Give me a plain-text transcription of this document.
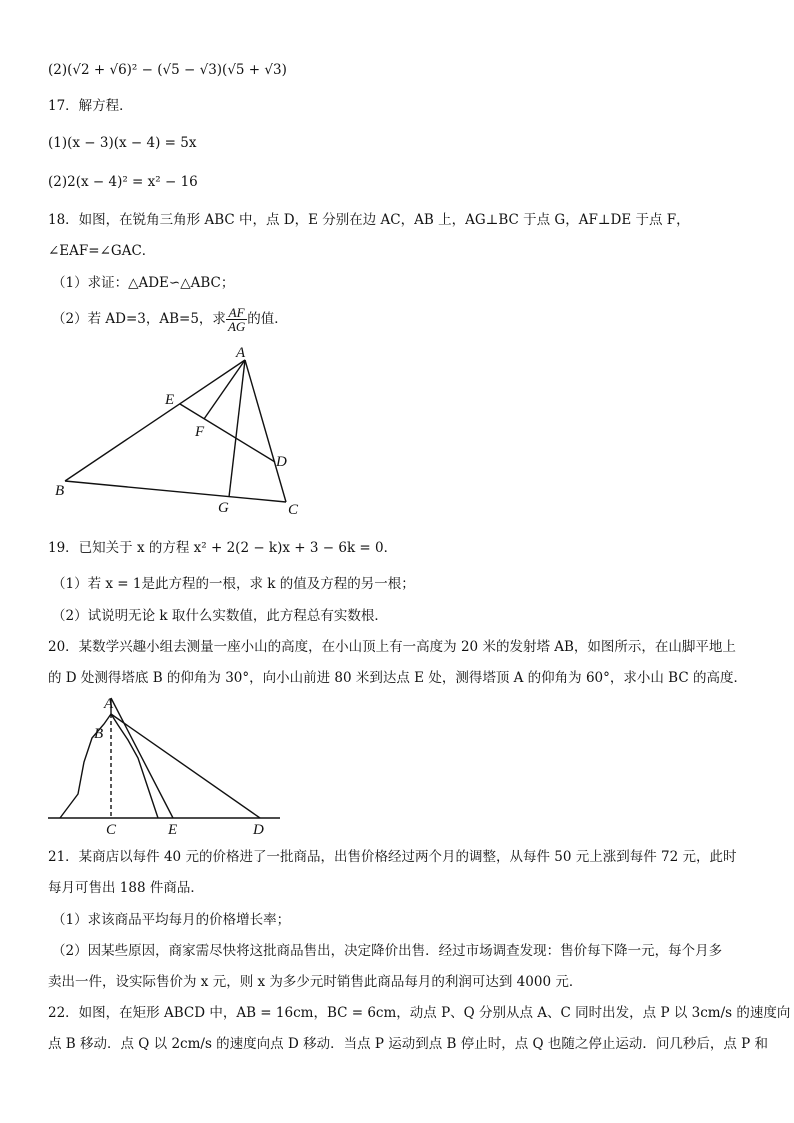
(2)(√2 + √6)² − (√5 − √3)(√5 + √3)
17．解方程．
(1)(x − 3)(x − 4) = 5x
(2)2(x − 4)² = x² − 16
18．如图，在锐角三角形 ABC 中，点 D，E 分别在边 AC，AB 上，AG⊥BC 于点 G，AF⊥DE 于点 F，
∠EAF=∠GAC．
（1）求证：△ADE∽△ABC；
（2）若 AD=3，AB=5，求 $\frac{AF}{AG}$ 的值．
A
E
F
D
B
G	C
19．已知关于 x 的方程 x² + 2(2 − k)x + 3 − 6k = 0．
（1）若 x = 1是此方程的一根，求 k 的值及方程的另一根；
（2）试说明无论 k 取什么实数值，此方程总有实数根．
20．某数学兴趣小组去测量一座小山的高度，在小山顶上有一高度为 20 米的发射塔 AB，如图所示，在山脚平地上
的 D 处测得塔底 B 的仰角为 30°，向小山前进 80 米到达点 E 处，测得塔顶 A 的仰角为 60°，求小山 BC 的高度．
A
B
C	E	D
21．某商店以每件 40 元的价格进了一批商品，出售价格经过两个月的调整，从每件 50 元上涨到每件 72 元，此时
每月可售出 188 件商品．
（1）求该商品平均每月的价格增长率；
（2）因某些原因，商家需尽快将这批商品售出，决定降价出售．经过市场调查发现：售价每下降一元，每个月多
卖出一件，设实际售价为 x 元，则 x 为多少元时销售此商品每月的利润可达到 4000 元．
22．如图，在矩形 ABCD 中，AB = 16cm，BC = 6cm，动点 P、Q 分别从点 A、C 同时出发，点 P 以 3cm/s 的速度向
点 B 移动．点 Q 以 2cm/s 的速度向点 D 移动．当点 P 运动到点 B 停止时，点 Q 也随之停止运动．问几秒后，点 P 和
